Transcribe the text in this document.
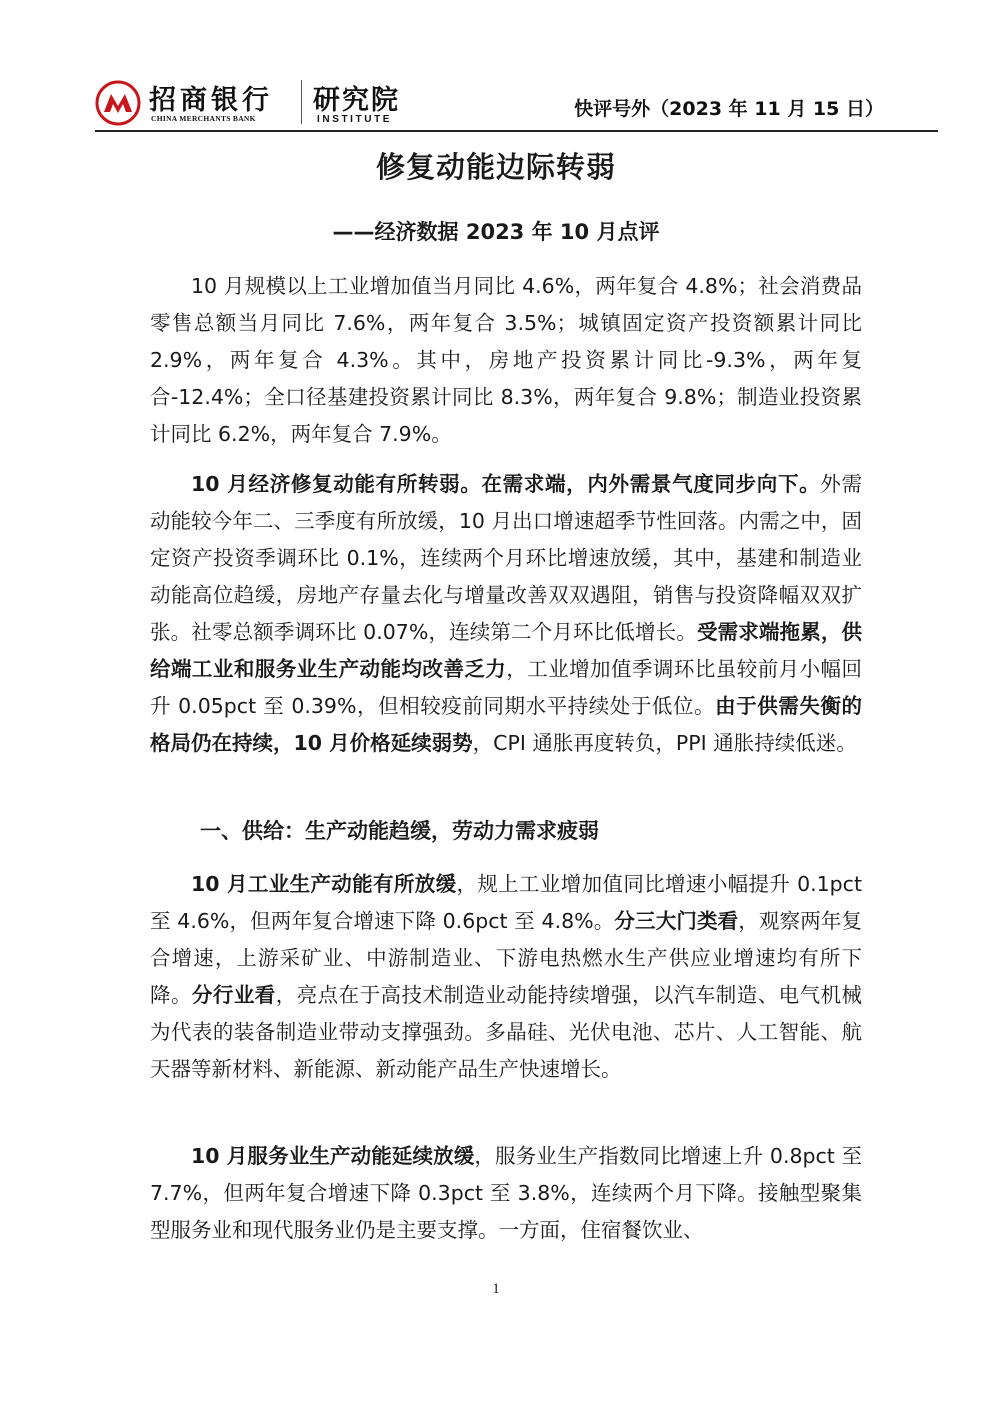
招商银行
CHINA MERCHANTS BANK
研究院
INSTITUTE	快评号外（2023 年 11 月 15 日）
修复动能边际转弱
——经济数据 2023 年 10 月点评

10 月规模以上工业增加值当月同比 4.6%，两年复合 4.8%；社会消费品零售总额当月同比 7.6%，两年复合 3.5%；城镇固定资产投资额累计同比 2.9%，两年复合 4.3%。其中，房地产投资累计同比-9.3%，两年复合-12.4%；全口径基建投资累计同比 8.3%，两年复合 9.8%；制造业投资累计同比 6.2%，两年复合 7.9%。

10 月经济修复动能有所转弱。在需求端，内外需景气度同步向下。外需动能较今年二、三季度有所放缓，10 月出口增速超季节性回落。内需之中，固定资产投资季调环比 0.1%，连续两个月环比增速放缓，其中，基建和制造业动能高位趋缓，房地产存量去化与增量改善双双遇阻，销售与投资降幅双双扩张。社零总额季调环比 0.07%，连续第二个月环比低增长。受需求端拖累，供给端工业和服务业生产动能均改善乏力，工业增加值季调环比虽较前月小幅回升 0.05pct 至 0.39%，但相较疫前同期水平持续处于低位。由于供需失衡的格局仍在持续，10 月价格延续弱势，CPI 通胀再度转负，PPI 通胀持续低迷。

一、供给：生产动能趋缓，劳动力需求疲弱

10 月工业生产动能有所放缓，规上工业增加值同比增速小幅提升 0.1pct 至 4.6%，但两年复合增速下降 0.6pct 至 4.8%。分三大门类看，观察两年复合增速，上游采矿业、中游制造业、下游电热燃水生产供应业增速均有所下降。分行业看，亮点在于高技术制造业动能持续增强，以汽车制造、电气机械为代表的装备制造业带动支撑强劲。多晶硅、光伏电池、芯片、人工智能、航天器等新材料、新能源、新动能产品生产快速增长。

10 月服务业生产动能延续放缓，服务业生产指数同比增速上升 0.8pct 至 7.7%，但两年复合增速下降 0.3pct 至 3.8%，连续两个月下降。接触型聚集型服务业和现代服务业仍是主要支撑。一方面，住宿餐饮业、

1
